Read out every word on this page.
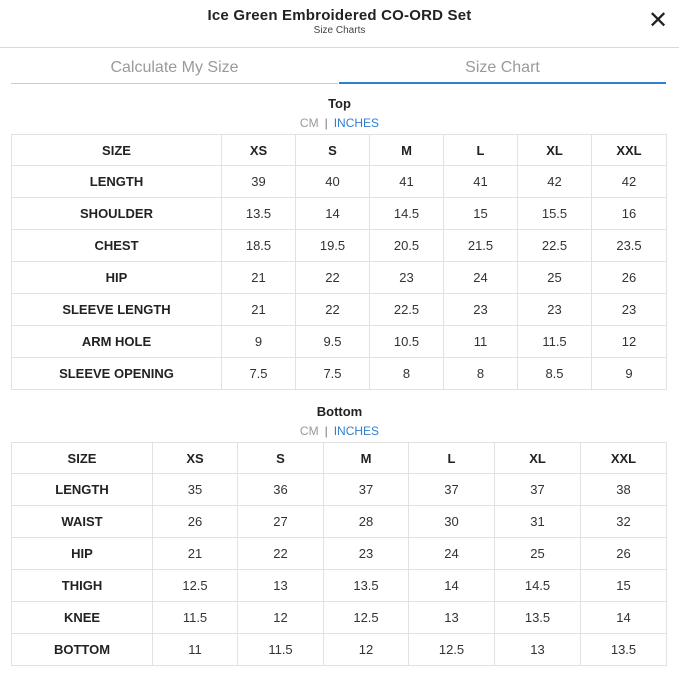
Ice Green Embroidered CO-ORD Set
Size Charts	✕
Calculate My Size	Size Chart
Top
CM | INCHES
SIZE	XS	S	M	L	XL	XXL
LENGTH	39	40	41	41	42	42
SHOULDER	13.5	14	14.5	15	15.5	16
CHEST	18.5	19.5	20.5	21.5	22.5	23.5
HIP	21	22	23	24	25	26
SLEEVE LENGTH	21	22	22.5	23	23	23
ARM HOLE	9	9.5	10.5	11	11.5	12
SLEEVE OPENING	7.5	7.5	8	8	8.5	9
Bottom
CM | INCHES
SIZE	XS	S	M	L	XL	XXL
LENGTH	35	36	37	37	37	38
WAIST	26	27	28	30	31	32
HIP	21	22	23	24	25	26
THIGH	12.5	13	13.5	14	14.5	15
KNEE	11.5	12	12.5	13	13.5	14
BOTTOM	11	11.5	12	12.5	13	13.5
